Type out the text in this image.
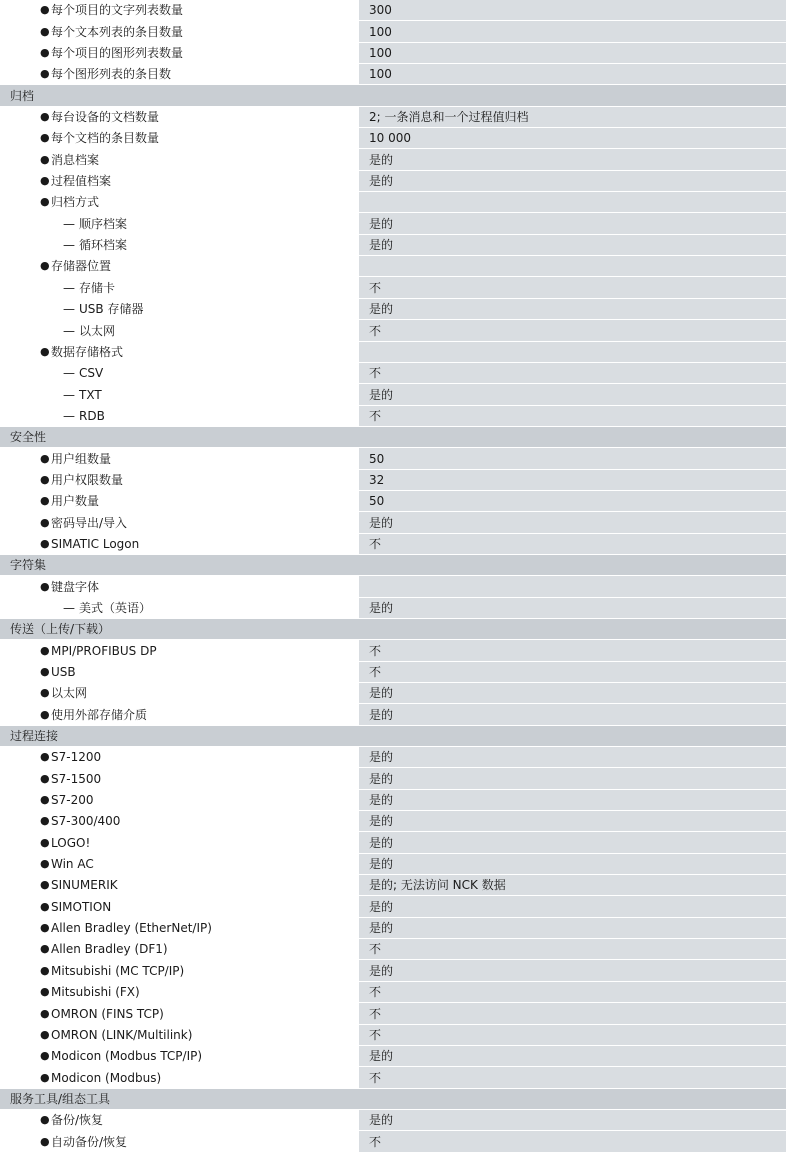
● 每个项目的文字列表数量	300
● 每个文本列表的条目数量	100
● 每个项目的图形列表数量	100
● 每个图形列表的条目数	100
归档
● 每台设备的文档数量	2; 一条消息和一个过程值归档
● 每个文档的条目数量	10 000
● 消息档案	是的
● 过程值档案	是的
● 归档方式
— 顺序档案	是的
— 循环档案	是的
● 存储器位置
— 存储卡	不
— USB 存储器	是的
— 以太网	不
● 数据存储格式
— CSV	不
— TXT	是的
— RDB	不
安全性
● 用户组数量	50
● 用户权限数量	32
● 用户数量	50
● 密码导出/导入	是的
● SIMATIC Logon	不
字符集
● 键盘字体
— 美式（英语）	是的
传送（上传/下载）
● MPI/PROFIBUS DP	不
● USB	不
● 以太网	是的
● 使用外部存储介质	是的
过程连接
● S7-1200	是的
● S7-1500	是的
● S7-200	是的
● S7-300/400	是的
● LOGO!	是的
● Win AC	是的
● SINUMERIK	是的; 无法访问 NCK 数据
● SIMOTION	是的
● Allen Bradley (EtherNet/IP)	是的
● Allen Bradley (DF1)	不
● Mitsubishi (MC TCP/IP)	是的
● Mitsubishi (FX)	不
● OMRON (FINS TCP)	不
● OMRON (LINK/Multilink)	不
● Modicon (Modbus TCP/IP)	是的
● Modicon (Modbus)	不
服务工具/组态工具
● 备份/恢复	是的
● 自动备份/恢复	不
